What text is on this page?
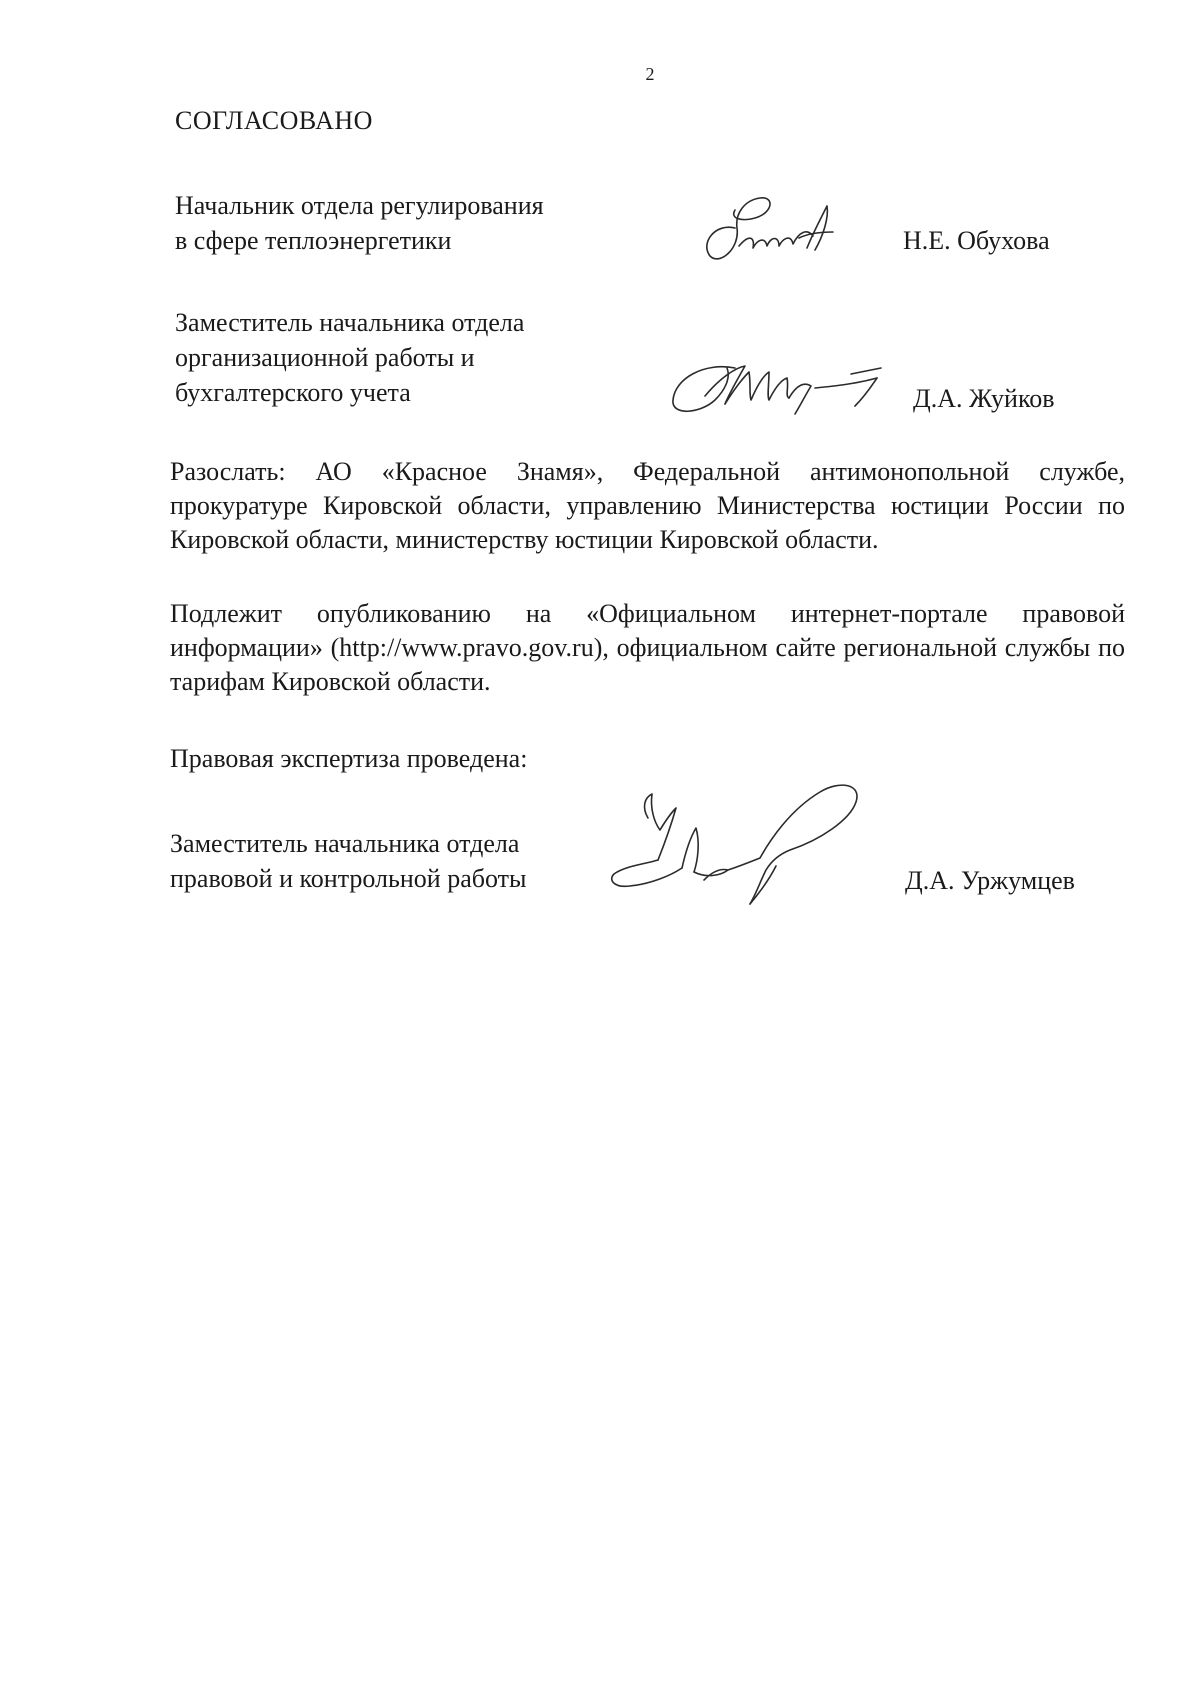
2
СОГЛАСОВАНО
Начальник отдела регулирования
в сфере теплоэнергетики	Н.Е. Обухова
Заместитель начальника отдела
организационной работы и
бухгалтерского учета	Д.А. Жуйков
Разослать: АО «Красное Знамя», Федеральной антимонопольной службе, прокуратуре Кировской области, управлению Министерства юстиции России по Кировской области, министерству юстиции Кировской области.
Подлежит опубликованию на «Официальном интернет-портале правовой информации» (http://www.pravo.gov.ru), официальном сайте региональной службы по тарифам Кировской области.
Правовая экспертиза проведена:
Заместитель начальника отдела
правовой и контрольной работы	Д.А. Уржумцев
